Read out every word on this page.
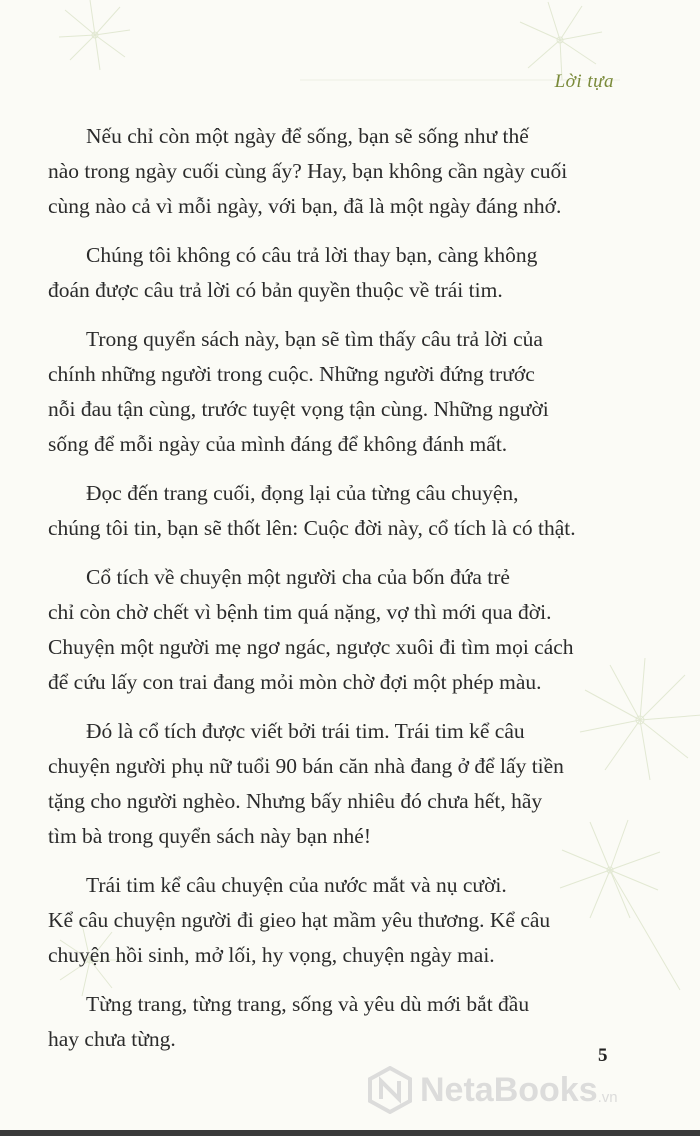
Lời tựa

Nếu chỉ còn một ngày để sống, bạn sẽ sống như thế
nào trong ngày cuối cùng ấy? Hay, bạn không cần ngày cuối
cùng nào cả vì mỗi ngày, với bạn, đã là một ngày đáng nhớ.

Chúng tôi không có câu trả lời thay bạn, càng không
đoán được câu trả lời có bản quyền thuộc về trái tim.

Trong quyển sách này, bạn sẽ tìm thấy câu trả lời của
chính những người trong cuộc. Những người đứng trước
nỗi đau tận cùng, trước tuyệt vọng tận cùng. Những người
sống để mỗi ngày của mình đáng để không đánh mất.

Đọc đến trang cuối, đọng lại của từng câu chuyện,
chúng tôi tin, bạn sẽ thốt lên: Cuộc đời này, cổ tích là có thật.

Cổ tích về chuyện một người cha của bốn đứa trẻ
chỉ còn chờ chết vì bệnh tim quá nặng, vợ thì mới qua đời.
Chuyện một người mẹ ngơ ngác, ngược xuôi đi tìm mọi cách
để cứu lấy con trai đang mỏi mòn chờ đợi một phép màu.

Đó là cổ tích được viết bởi trái tim. Trái tim kể câu
chuyện người phụ nữ tuổi 90 bán căn nhà đang ở để lấy tiền
tặng cho người nghèo. Nhưng bấy nhiêu đó chưa hết, hãy
tìm bà trong quyển sách này bạn nhé!

Trái tim kể câu chuyện của nước mắt và nụ cười.
Kể câu chuyện người đi gieo hạt mầm yêu thương. Kể câu
chuyện hồi sinh, mở lối, hy vọng, chuyện ngày mai.

Từng trang, từng trang, sống và yêu dù mới bắt đầu
hay chưa từng.

5
NetaBooks .vn
